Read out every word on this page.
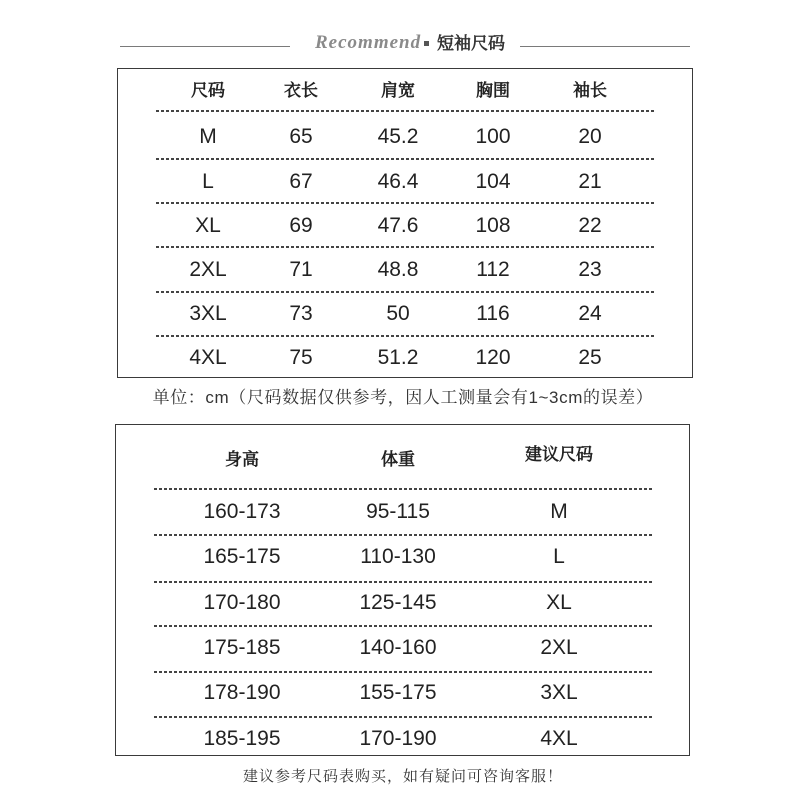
Recommend 短袖尺码
尺码	衣长	肩宽	胸围	袖长
M	65	45.2	100	20
L	67	46.4	104	21
XL	69	47.6	108	22
2XL	71	48.8	112	23
3XL	73	50	116	24
4XL	75	51.2	120	25
单位：cm（尺码数据仅供参考，因人工测量会有1~3cm的误差）
身高	体重	建议尺码
160-173	95-115	M
165-175	110-130	L
170-180	125-145	XL
175-185	140-160	2XL
178-190	155-175	3XL
185-195	170-190	4XL
建议参考尺码表购买，如有疑问可咨询客服！
